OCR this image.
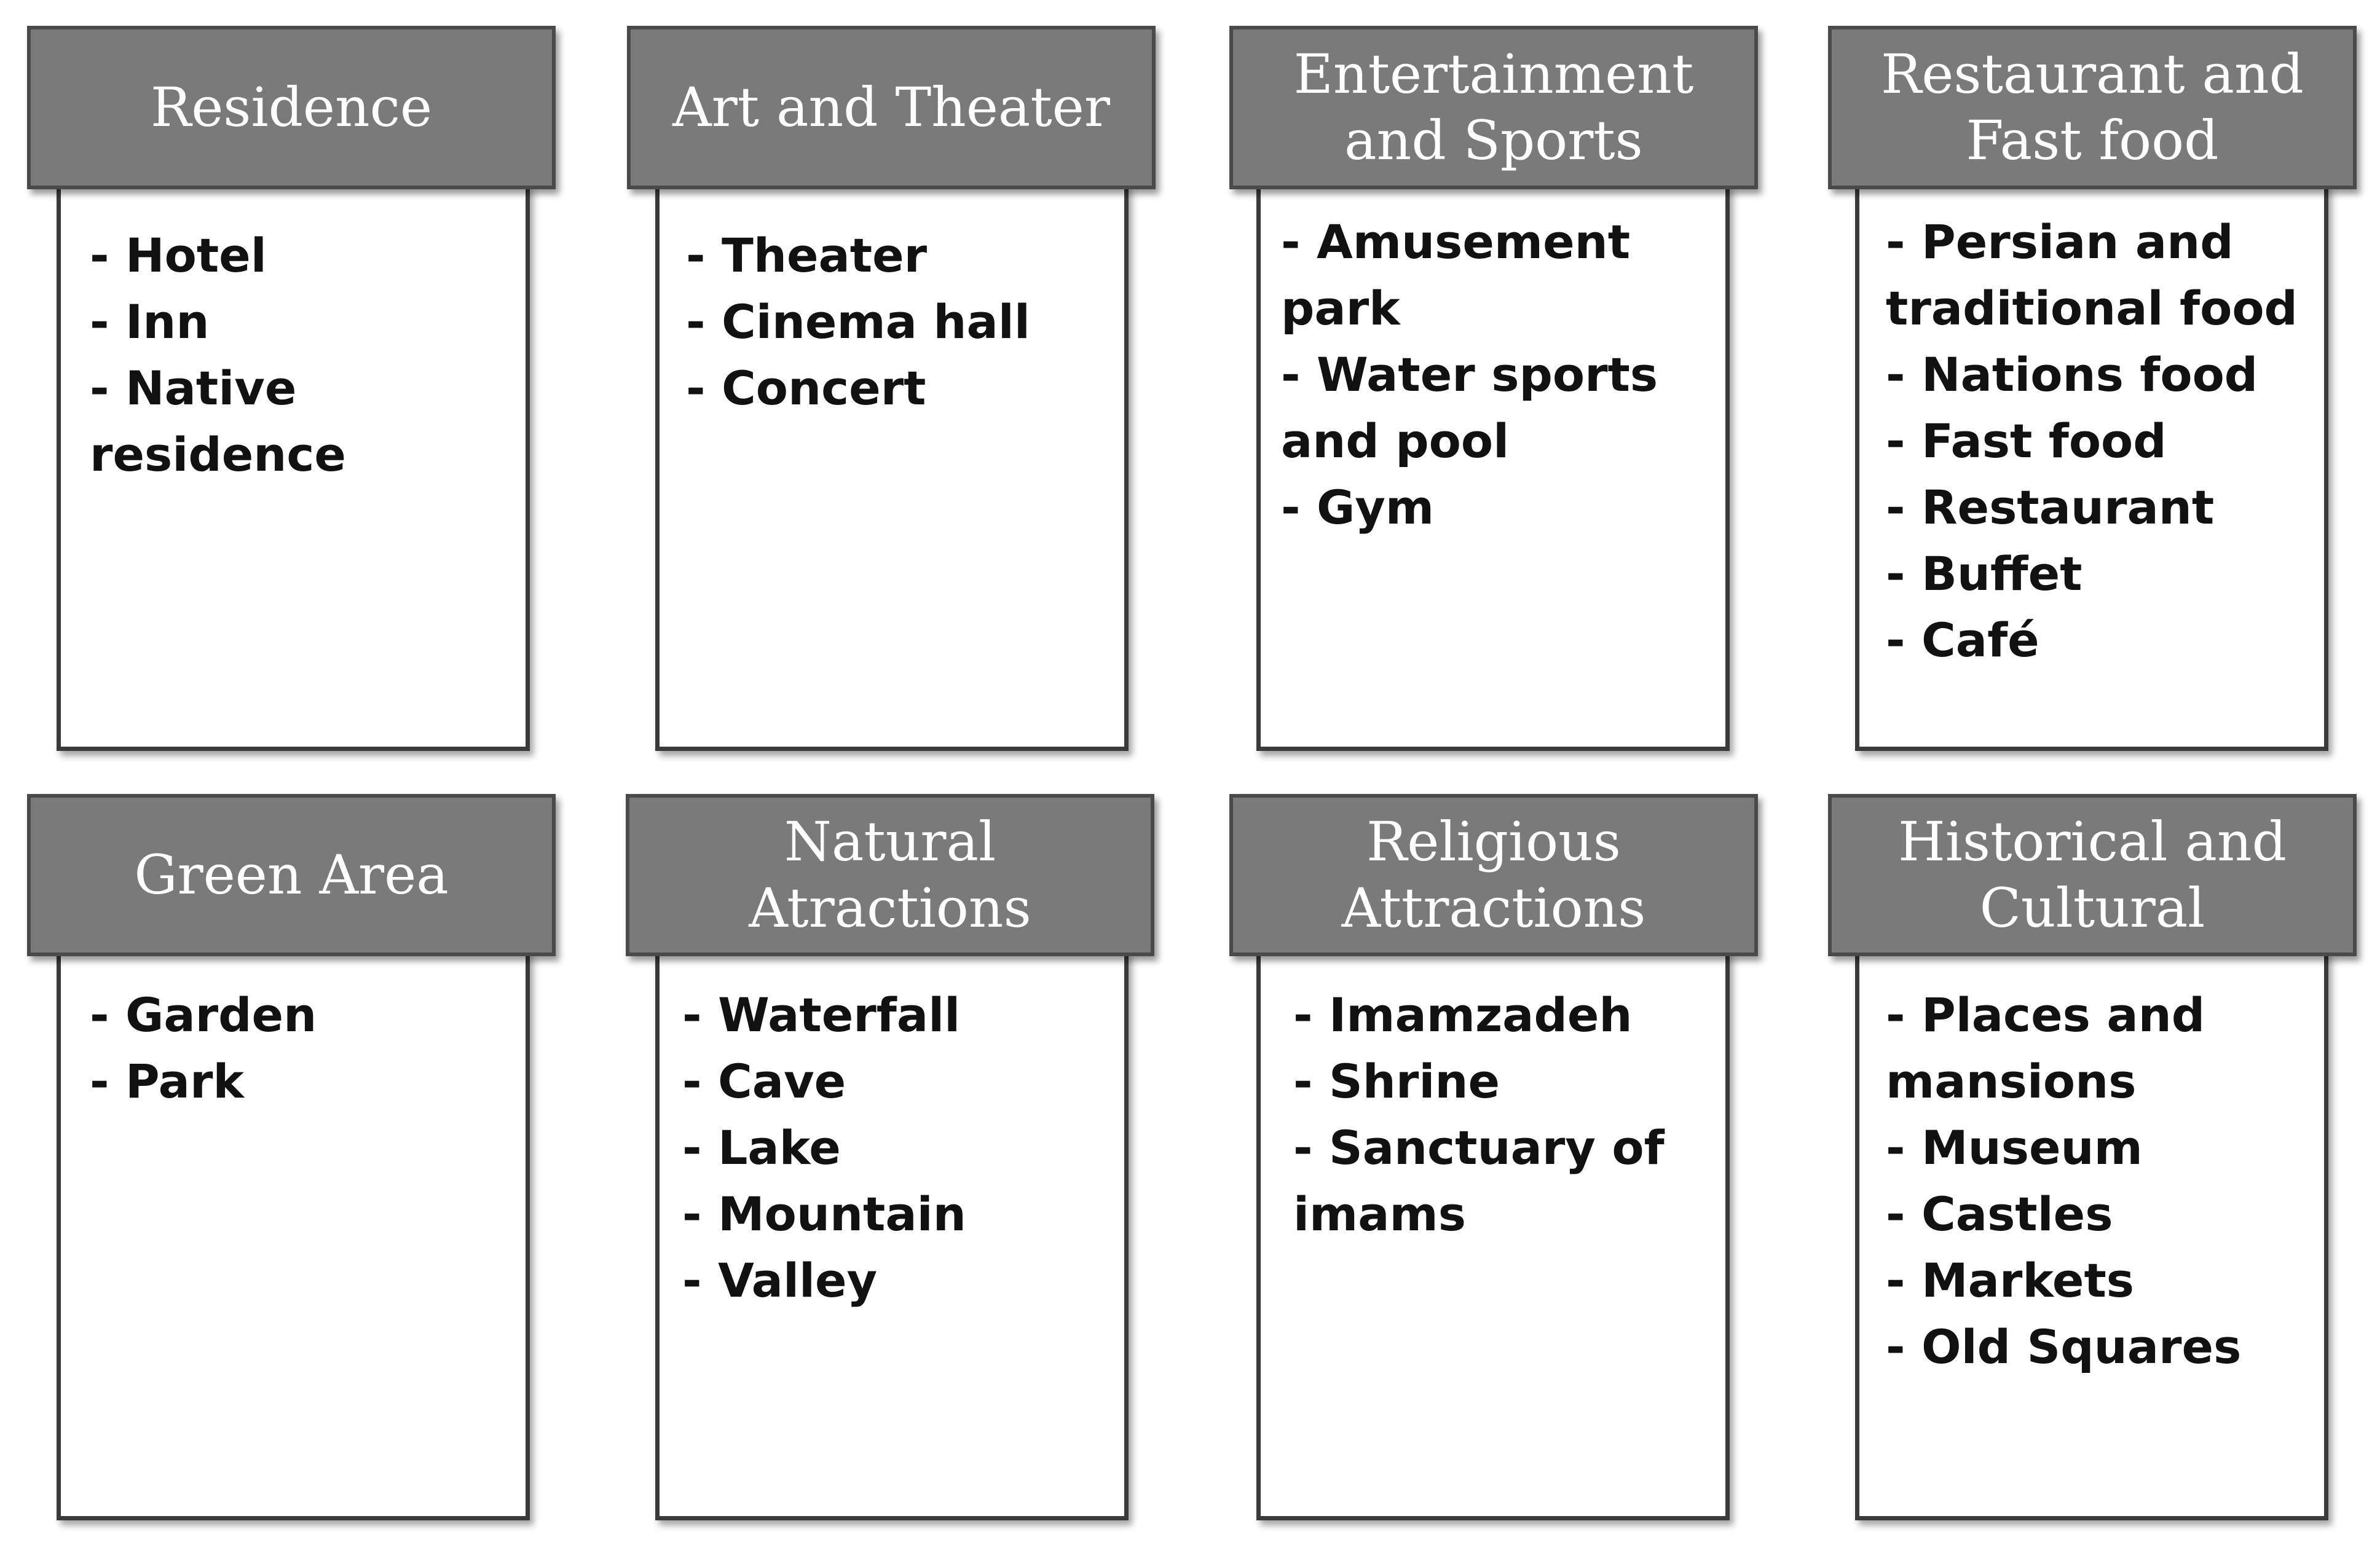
Residence
- Hotel
- Inn
- Native residence
Art and Theater
- Theater
- Cinema hall
- Concert
Entertainment and Sports
- Amusement park
- Water sports and pool
- Gym
Restaurant and Fast food
- Persian and traditional food
- Nations food
- Fast food
- Restaurant
- Buffet
- Café
Green Area
- Garden
- Park
Natural Atractions
- Waterfall
- Cave
- Lake
- Mountain
- Valley
Religious Attractions
- Imamzadeh
- Shrine
- Sanctuary of imams
Historical and Cultural
- Places and mansions
- Museum
- Castles
- Markets
- Old Squares
